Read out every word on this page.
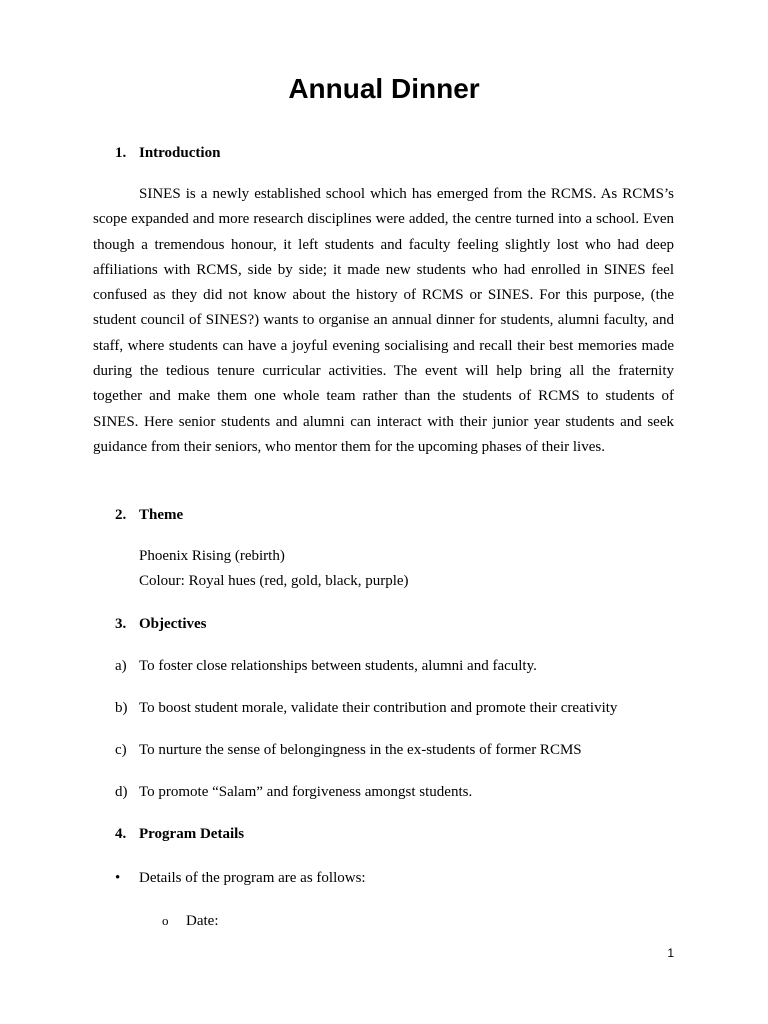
Annual Dinner
1. Introduction
SINES is a newly established school which has emerged from the RCMS. As RCMS’s scope expanded and more research disciplines were added, the centre turned into a school. Even though a tremendous honour, it left students and faculty feeling slightly lost who had deep affiliations with RCMS, side by side; it made new students who had enrolled in SINES feel confused as they did not know about the history of RCMS or SINES. For this purpose, (the student council of SINES?) wants to organise an annual dinner for students, alumni faculty, and staff, where students can have a joyful evening socialising and recall their best memories made during the tedious tenure curricular activities. The event will help bring all the fraternity together and make them one whole team rather than the students of RCMS to students of SINES. Here senior students and alumni can interact with their junior year students and seek guidance from their seniors, who mentor them for the upcoming phases of their lives.
2. Theme
Phoenix Rising (rebirth)
Colour: Royal hues (red, gold, black, purple)
3. Objectives
a) To foster close relationships between students, alumni and faculty.
b) To boost student morale, validate their contribution and promote their creativity
c) To nurture the sense of belongingness in the ex-students of former RCMS
d) To promote “Salam” and forgiveness amongst students.
4. Program Details
• Details of the program are as follows:
o Date:
1
